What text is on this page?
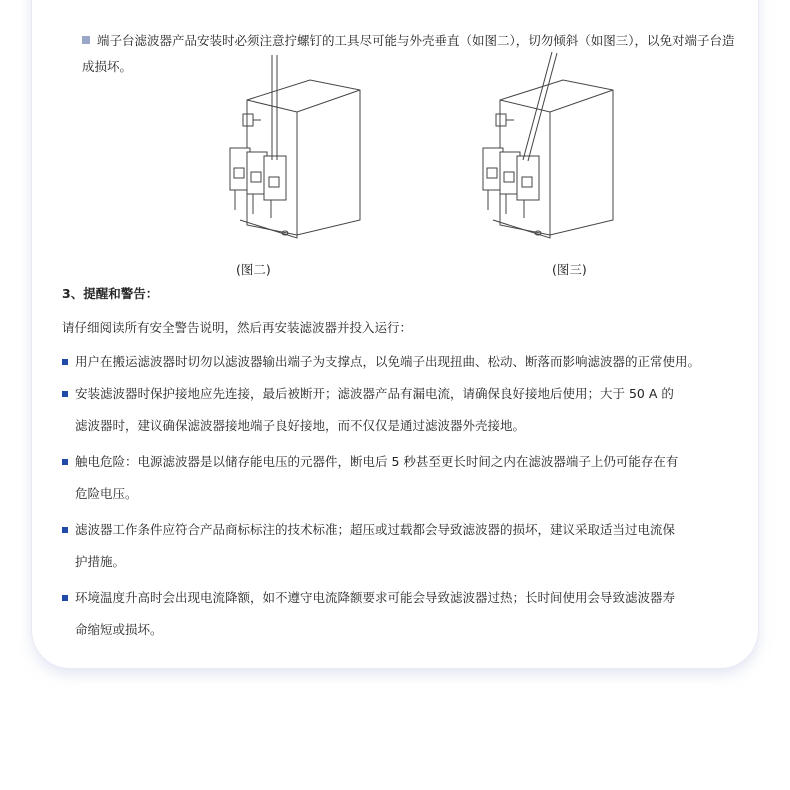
端子台滤波器产品安装时必须注意拧螺钉的工具尽可能与外壳垂直（如图二），切勿倾斜（如图三），以免对端子台造成损坏。
(图二)	(图三)
3、提醒和警告：
请仔细阅读所有安全警告说明，然后再安装滤波器并投入运行：
用户在搬运滤波器时切勿以滤波器输出端子为支撑点，以免端子出现扭曲、松动、断落而影响滤波器的正常使用。
安装滤波器时保护接地应先连接，最后被断开；滤波器产品有漏电流，请确保良好接地后使用；大于 50 A 的
滤波器时，建议确保滤波器接地端子良好接地，而不仅仅是通过滤波器外壳接地。
触电危险：电源滤波器是以储存能电压的元器件，断电后 5 秒甚至更长时间之内在滤波器端子上仍可能存在有
危险电压。
滤波器工作条件应符合产品商标标注的技术标准；超压或过载都会导致滤波器的损坏，建议采取适当过电流保
护措施。
环境温度升高时会出现电流降额，如不遵守电流降额要求可能会导致滤波器过热；长时间使用会导致滤波器寿
命缩短或损坏。
